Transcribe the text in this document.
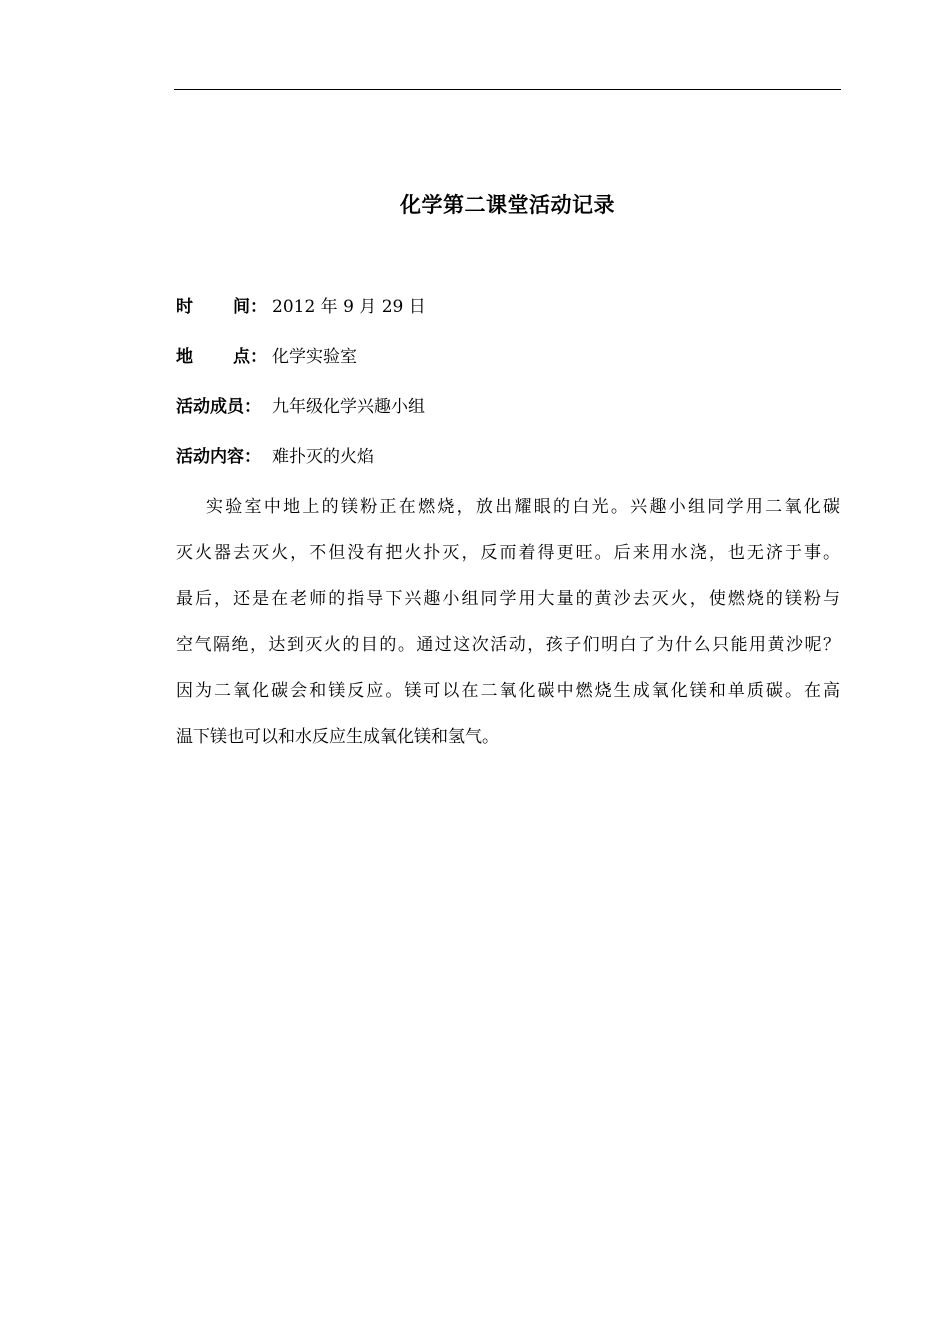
化学第二课堂活动记录
时 间： 2012 年 9 月 29 日
地 点： 化学实验室
活动成员： 九年级化学兴趣小组
活动内容： 难扑灭的火焰
实验室中地上的镁粉正在燃烧，放出耀眼的白光。兴趣小组同学用二氧化碳
灭火器去灭火，不但没有把火扑灭，反而着得更旺。后来用水浇，也无济于事。
最后，还是在老师的指导下兴趣小组同学用大量的黄沙去灭火，使燃烧的镁粉与
空气隔绝，达到灭火的目的。通过这次活动，孩子们明白了为什么只能用黄沙呢？
因为二氧化碳会和镁反应。镁可以在二氧化碳中燃烧生成氧化镁和单质碳。在高
温下镁也可以和水反应生成氧化镁和氢气。
